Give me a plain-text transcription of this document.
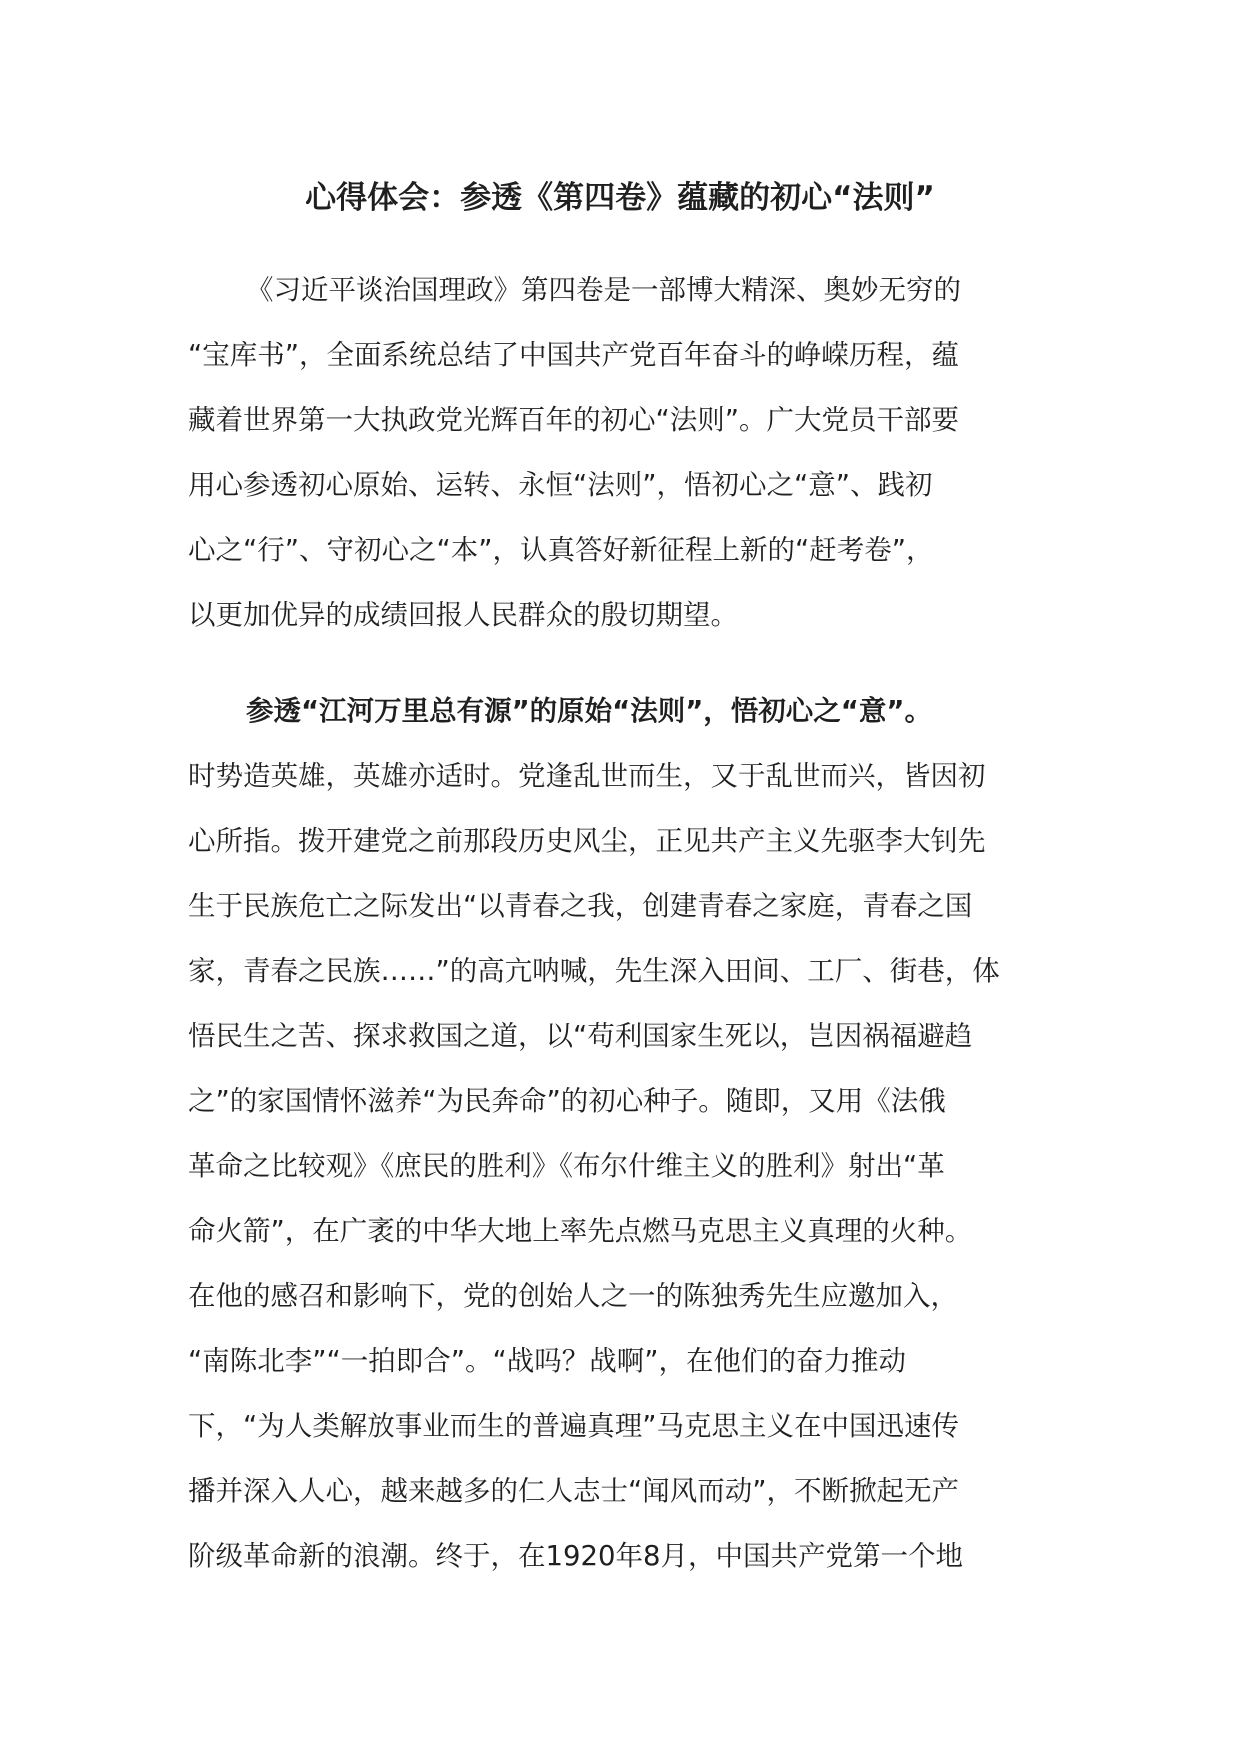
心得体会：参透《第四卷》蕴藏的初心“法则”
《习近平谈治国理政》第四卷是一部博大精深、奥妙无穷的
“宝库书”，全面系统总结了中国共产党百年奋斗的峥嵘历程，蕴
藏着世界第一大执政党光辉百年的初心“法则”。广大党员干部要
用心参透初心原始、运转、永恒“法则”，悟初心之“意”、践初
心之“行”、守初心之“本”，认真答好新征程上新的“赶考卷”，
以更加优异的成绩回报人民群众的殷切期望。
参透“江河万里总有源”的原始“法则”，悟初心之“意”。
时势造英雄，英雄亦适时。党逢乱世而生，又于乱世而兴，皆因初
心所指。拨开建党之前那段历史风尘，正见共产主义先驱李大钊先
生于民族危亡之际发出“以青春之我，创建青春之家庭，青春之国
家，青春之民族……”的高亢呐喊，先生深入田间、工厂、街巷，体
悟民生之苦、探求救国之道，以“苟利国家生死以，岂因祸福避趋
之”的家国情怀滋养“为民奔命”的初心种子。随即，又用《法俄
革命之比较观》《庶民的胜利》《布尔什维主义的胜利》射出“革
命火箭”，在广袤的中华大地上率先点燃马克思主义真理的火种。
在他的感召和影响下，党的创始人之一的陈独秀先生应邀加入，
“南陈北李”“一拍即合”。“战吗？战啊”，在他们的奋力推动
下，“为人类解放事业而生的普遍真理”马克思主义在中国迅速传
播并深入人心，越来越多的仁人志士“闻风而动”，不断掀起无产
阶级革命新的浪潮。终于，在1920年8月，中国共产党第一个地
